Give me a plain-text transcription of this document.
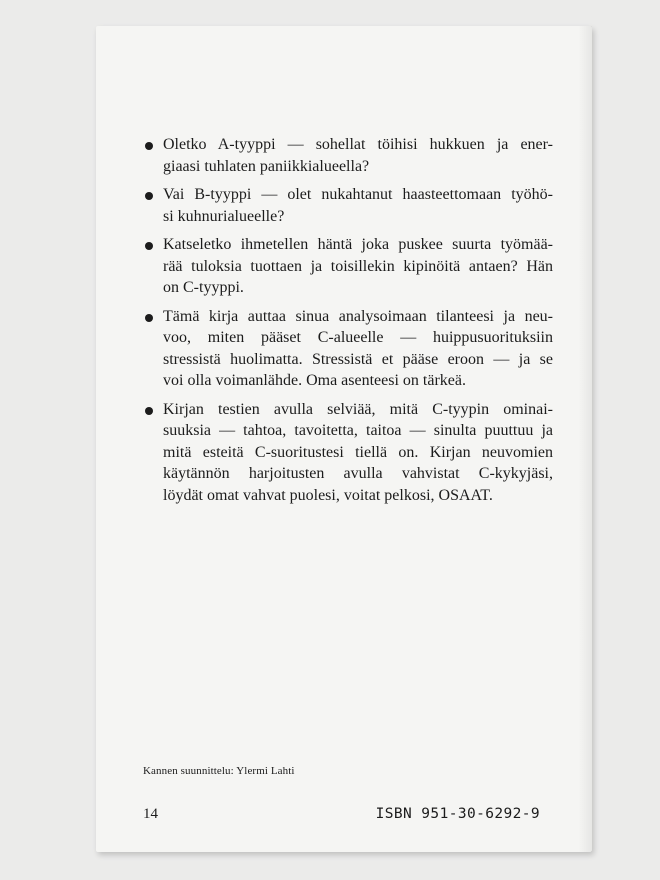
Oletko A-tyyppi — sohellat töihisi hukkuen ja ener-
giaasi tuhlaten paniikkialueella?
Vai B-tyyppi — olet nukahtanut haasteettomaan työhö-
si kuhnurialueelle?
Katseletko ihmetellen häntä joka puskee suurta työmää-
rää tuloksia tuottaen ja toisillekin kipinöitä antaen? Hän
on C-tyyppi.
Tämä kirja auttaa sinua analysoimaan tilanteesi ja neu-
voo, miten pääset C-alueelle — huippusuorituksiin
stressistä huolimatta. Stressistä et pääse eroon — ja se
voi olla voimanlähde. Oma asenteesi on tärkeä.
Kirjan testien avulla selviää, mitä C-tyypin ominai-
suuksia — tahtoa, tavoitetta, taitoa — sinulta puuttuu ja
mitä esteitä C-suoritustesi tiellä on. Kirjan neuvomien
käytännön harjoitusten avulla vahvistat C-kykyjäsi,
löydät omat vahvat puolesi, voitat pelkosi, OSAAT.
Kannen suunnittelu: Ylermi Lahti
14	ISBN 951-30-6292-9
